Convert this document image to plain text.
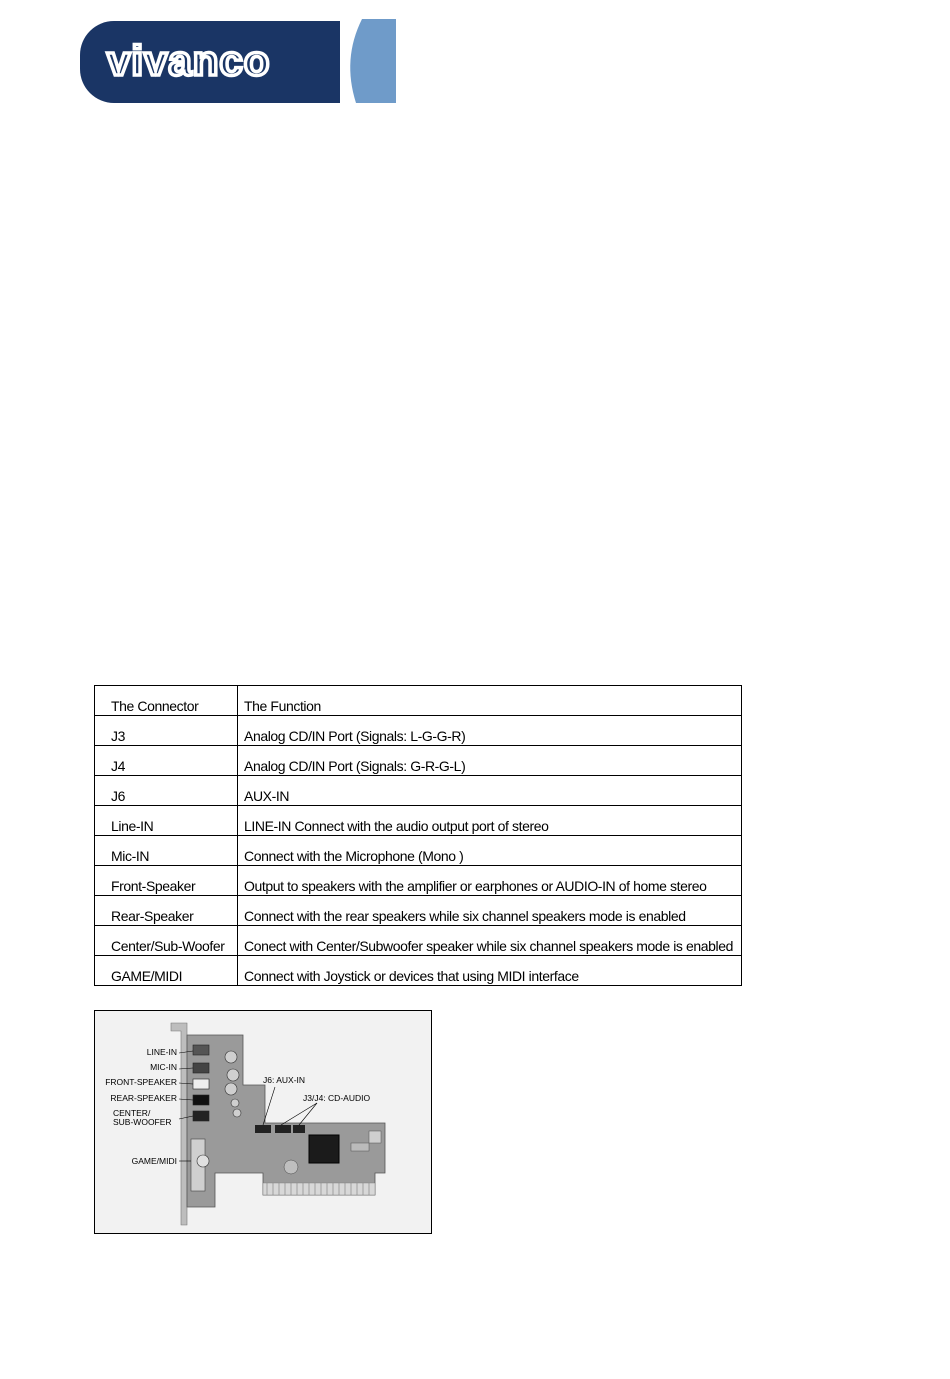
vivanco
The Connector	The Function
J3	Analog CD/IN Port (Signals: L-G-G-R)
J4	Analog CD/IN Port (Signals: G-R-G-L)
J6	AUX-IN
Line-IN	LINE-IN Connect with the audio output port of stereo
Mic-IN	Connect with the Microphone (Mono )
Front-Speaker	Output to speakers with the amplifier or earphones or AUDIO-IN of home stereo
Rear-Speaker	Connect with the rear speakers while six channel speakers mode is enabled
Center/Sub-Woofer	Conect with Center/Subwoofer speaker while six channel speakers mode is enabled
GAME/MIDI	Connect with Joystick or devices that using MIDI interface
LINE-IN
MIC-IN
FRONT-SPEAKER
REAR-SPEAKER
CENTER/
SUB-WOOFER
GAME/MIDI
J6: AUX-IN
J3/J4: CD-AUDIO
